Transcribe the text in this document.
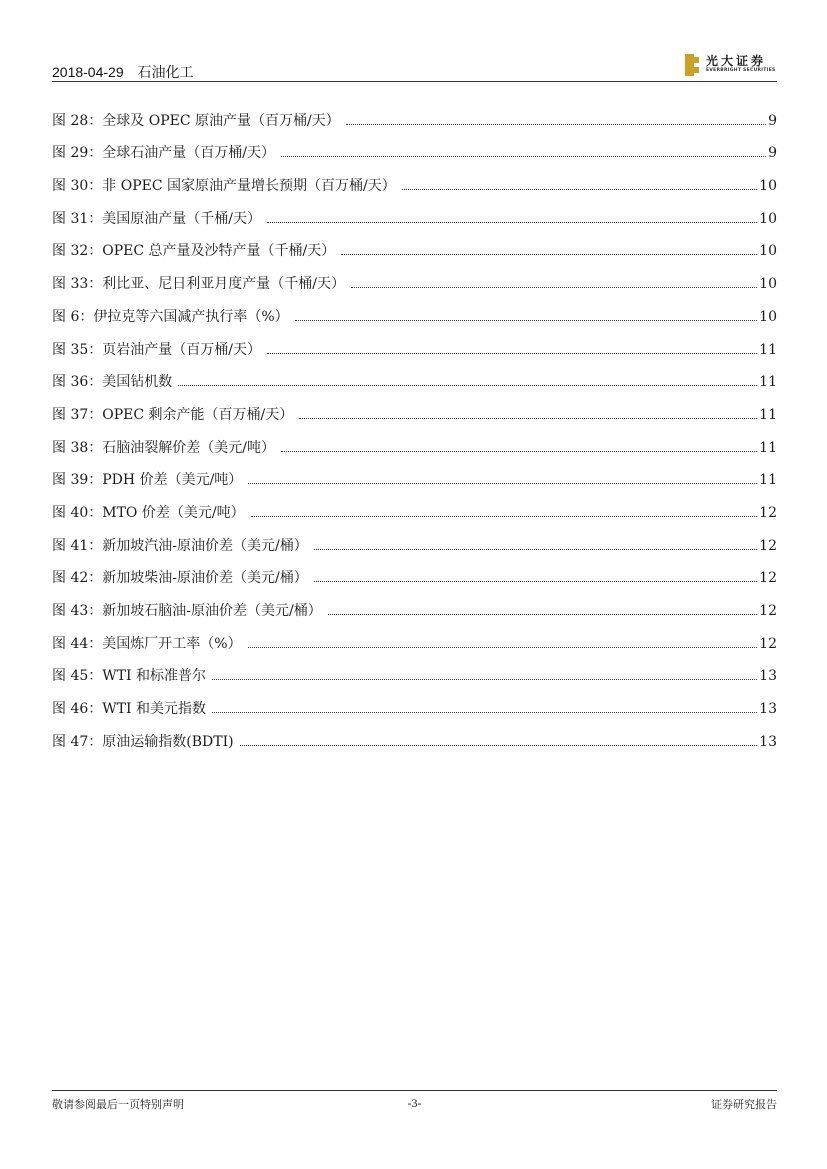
2018-04-29 石油化工
光大证券
EVERBRIGHT SECURITIES
图 28：全球及 OPEC 原油产量（百万桶/天）	9
图 29：全球石油产量（百万桶/天）	9
图 30：非 OPEC 国家原油产量增长预期（百万桶/天）	10
图 31：美国原油产量（千桶/天）	10
图 32：OPEC 总产量及沙特产量（千桶/天）	10
图 33：利比亚、尼日利亚月度产量（千桶/天）	10
图 6：伊拉克等六国减产执行率（%）	10
图 35：页岩油产量（百万桶/天）	11
图 36：美国钻机数	11
图 37：OPEC 剩余产能（百万桶/天）	11
图 38：石脑油裂解价差（美元/吨）	11
图 39：PDH 价差（美元/吨）	11
图 40：MTO 价差（美元/吨）	12
图 41：新加坡汽油-原油价差（美元/桶）	12
图 42：新加坡柴油-原油价差（美元/桶）	12
图 43：新加坡石脑油-原油价差（美元/桶）	12
图 44：美国炼厂开工率（%）	12
图 45：WTI 和标准普尔	13
图 46：WTI 和美元指数	13
图 47：原油运输指数(BDTI)	13
敬请参阅最后一页特别声明	-3-	证券研究报告
